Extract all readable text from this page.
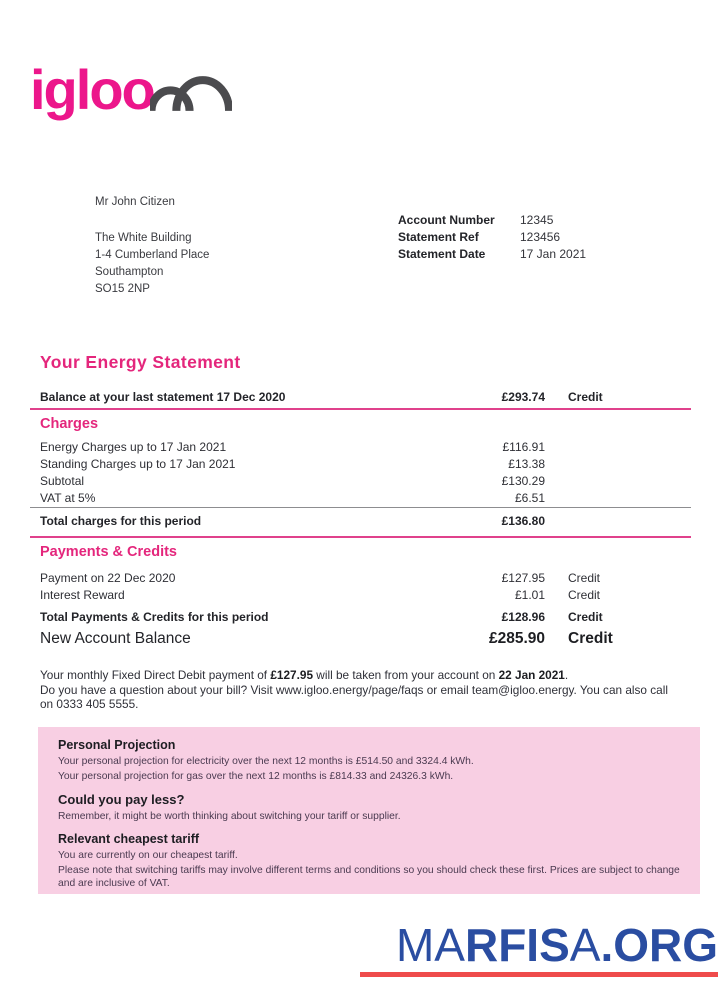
igloo
Mr John Citizen
The White Building
1-4 Cumberland Place
Southampton
SO15 2NP
Account Number	12345
Statement Ref	123456
Statement Date	17 Jan 2021
Your Energy Statement
Balance at your last statement 17 Dec 2020	£293.74	Credit
Charges
Energy Charges up to 17 Jan 2021	£116.91
Standing Charges up to 17 Jan 2021	£13.38
Subtotal	£130.29
VAT at 5%	£6.51
Total charges for this period	£136.80
Payments & Credits
Payment on 22 Dec 2020	£127.95	Credit
Interest Reward	£1.01	Credit
Total Payments & Credits for this period	£128.96	Credit
New Account Balance	£285.90	Credit

Your monthly Fixed Direct Debit payment of £127.95 will be taken from your account on 22 Jan 2021.

Do you have a question about your bill? Visit www.igloo.energy/page/faqs or email team@igloo.energy. You can also call on 0333 405 5555.

Personal Projection

Your personal projection for electricity over the next 12 months is £514.50 and 3324.4 kWh.

Your personal projection for gas over the next 12 months is £814.33 and 24326.3 kWh.

Could you pay less?

Remember, it might be worth thinking about switching your tariff or supplier.

Relevant cheapest tariff

You are currently on our cheapest tariff.

Please note that switching tariffs may involve different terms and conditions so you should check these first. Prices are subject to change and are inclusive of VAT.

MARFISA.ORG
